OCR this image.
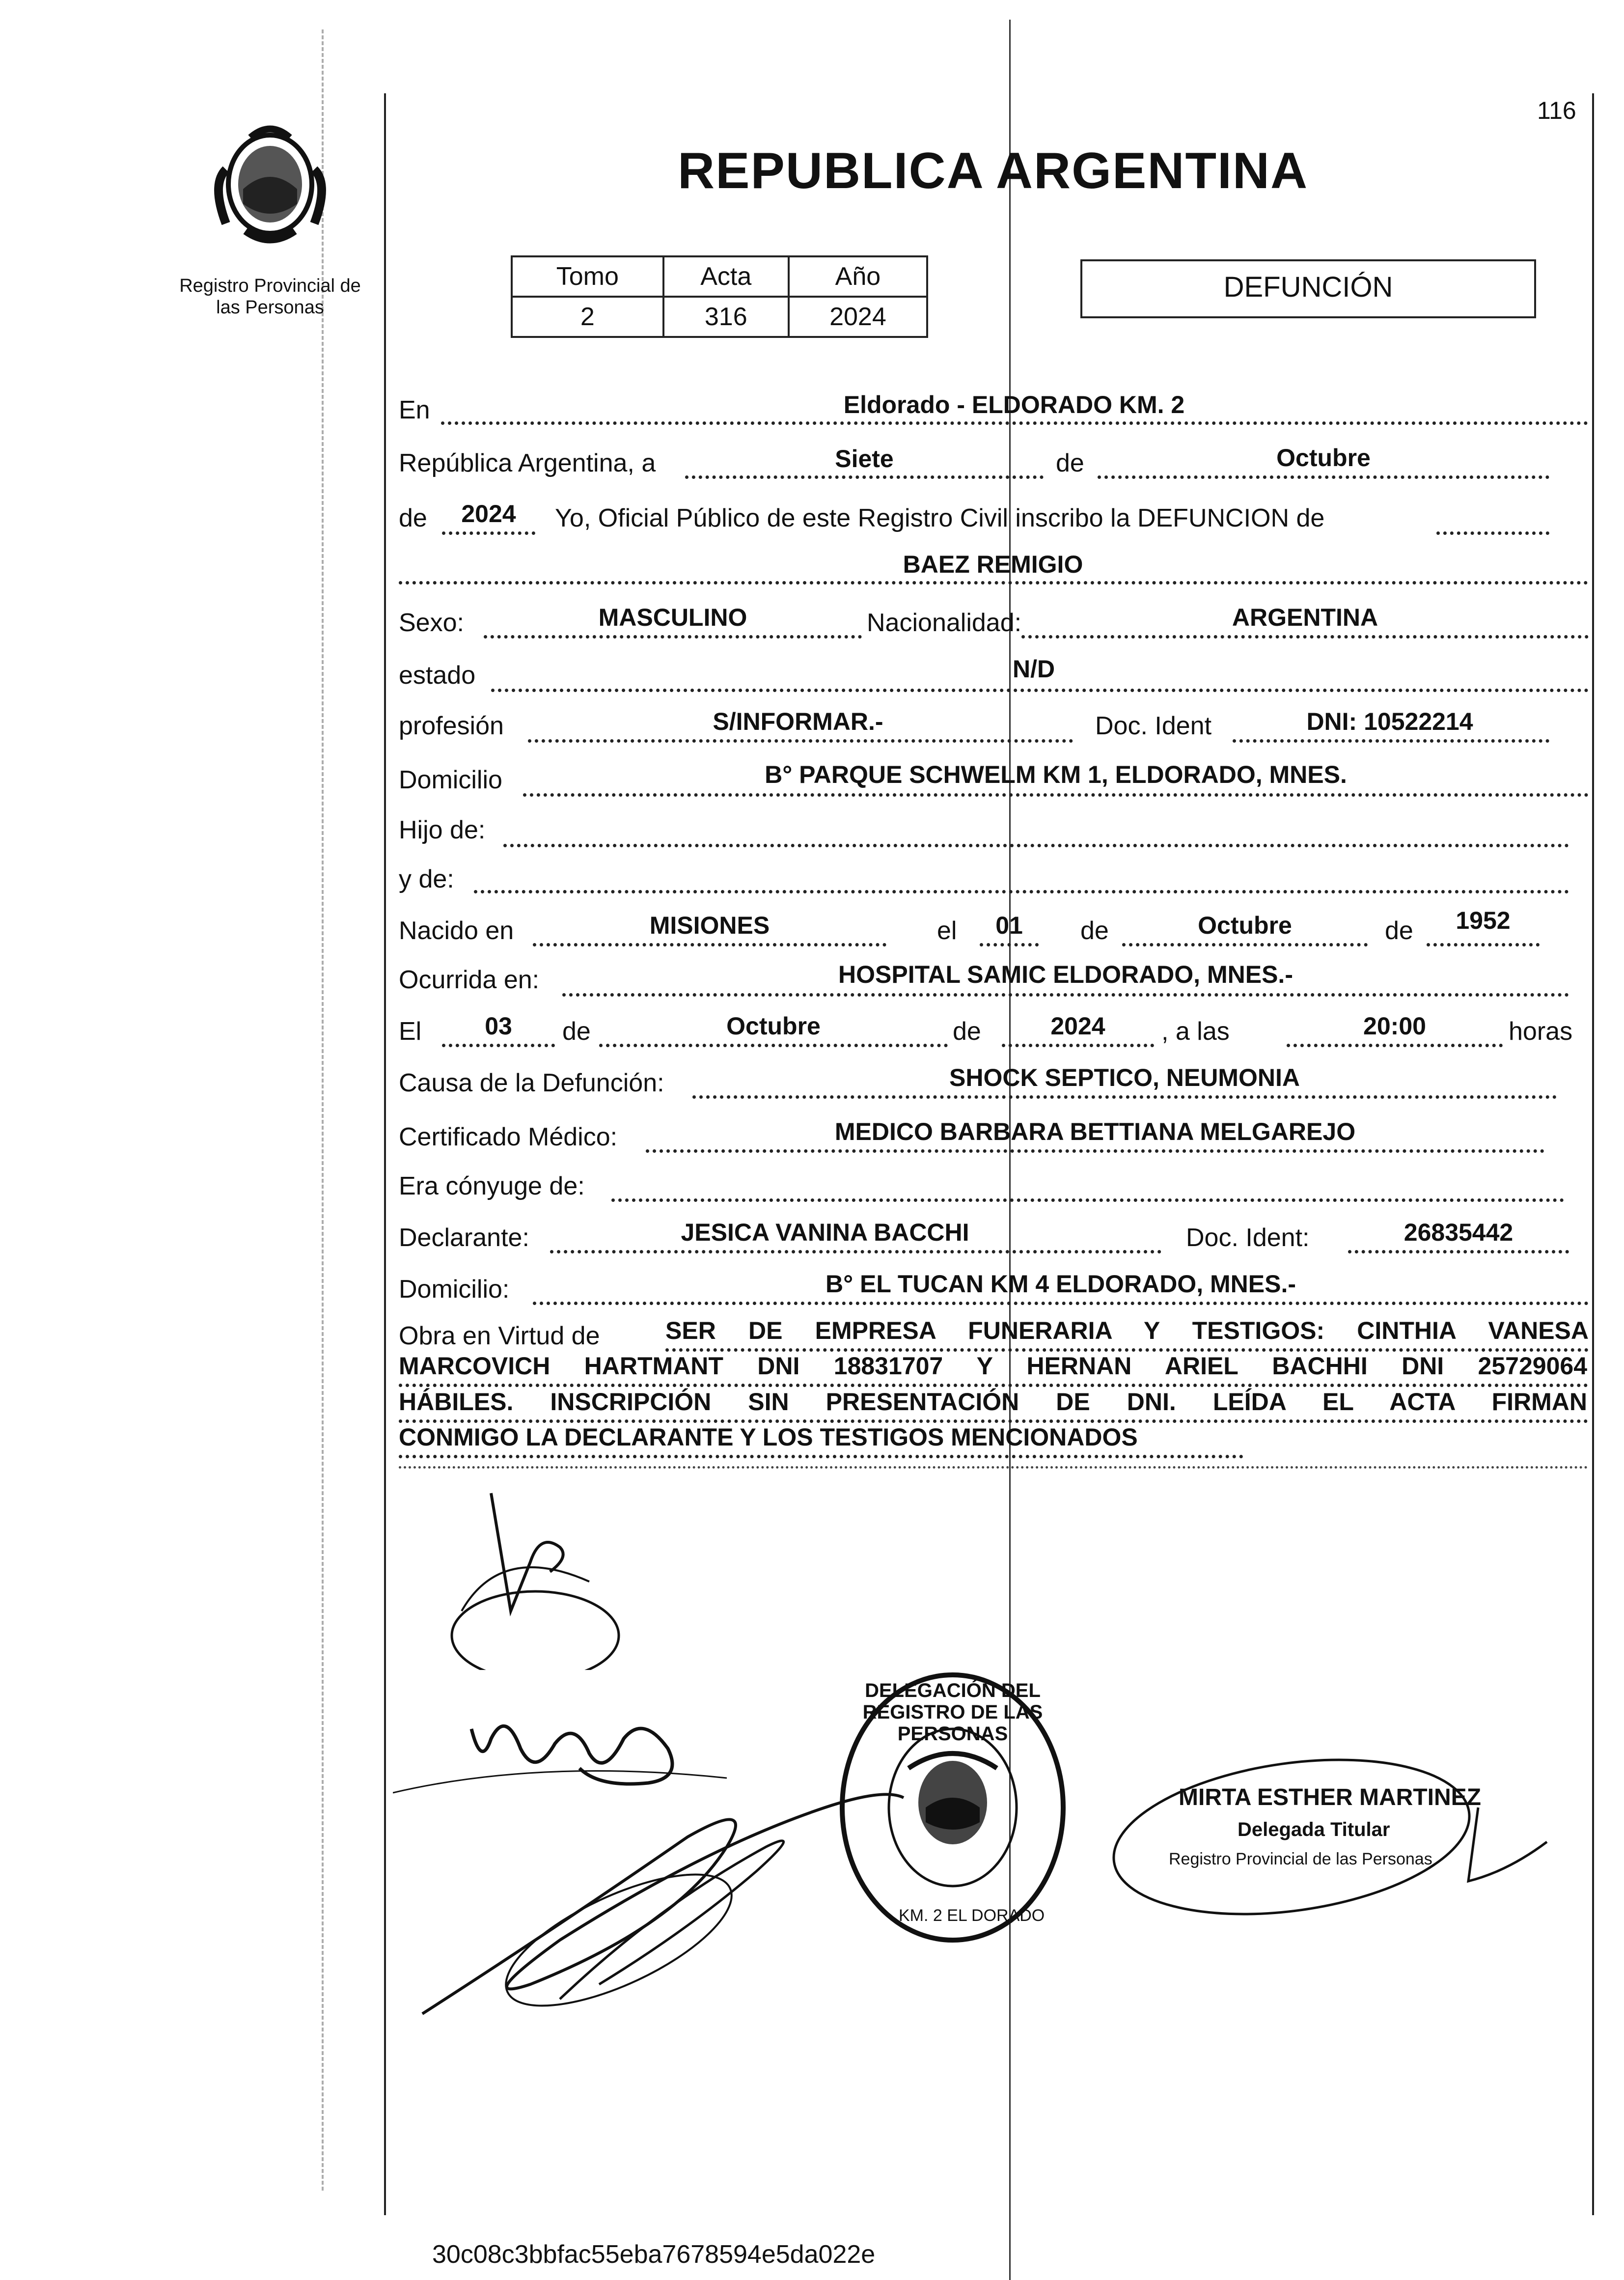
116
Registro Provincial de las Personas
REPUBLICA ARGENTINA
Tomo	Acta	Año
2	316	2024
DEFUNCIÓN
En	Eldorado - ELDORADO KM. 2
República Argentina, a	Siete	de	Octubre
de	2024	Yo, Oficial Público de este Registro Civil inscribo la DEFUNCION de
BAEZ REMIGIO
Sexo:	MASCULINO	Nacionalidad:	ARGENTINA
estado	N/D
profesión	S/INFORMAR.-	Doc. Ident	DNI: 10522214
Domicilio	B° PARQUE SCHWELM KM 1, ELDORADO, MNES.
Hijo de:
y de:
Nacido en	MISIONES	el	01	de	Octubre	de	1952
Ocurrida en:	HOSPITAL SAMIC ELDORADO, MNES.-
El	03	de	Octubre	de	2024	, a las	20:00	horas
Causa de la Defunción:	SHOCK SEPTICO, NEUMONIA
Certificado Médico:	MEDICO BARBARA BETTIANA MELGAREJO
Era cónyuge de:
Declarante:	JESICA VANINA BACCHI	Doc. Ident:	26835442
Domicilio:	B° EL TUCAN KM 4 ELDORADO, MNES.-
Obra en Virtud de	SER DE EMPRESA FUNERARIA Y TESTIGOS: CINTHIA VANESA
MARCOVICH HARTMANT DNI 18831707 Y HERNAN ARIEL BACHHI DNI 25729064
HÁBILES. INSCRIPCIÓN SIN PRESENTACIÓN DE DNI. LEÍDA EL ACTA FIRMAN
CONMIGO LA DECLARANTE Y LOS TESTIGOS MENCIONADOS
DELEGACIÓN DEL REGISTRO DE LAS PERSONAS
KM. 2 EL DORADO
MIRTA ESTHER MARTINEZ
Delegada Titular
Registro Provincial de las Personas
30c08c3bbfac55eba7678594e5da022e
